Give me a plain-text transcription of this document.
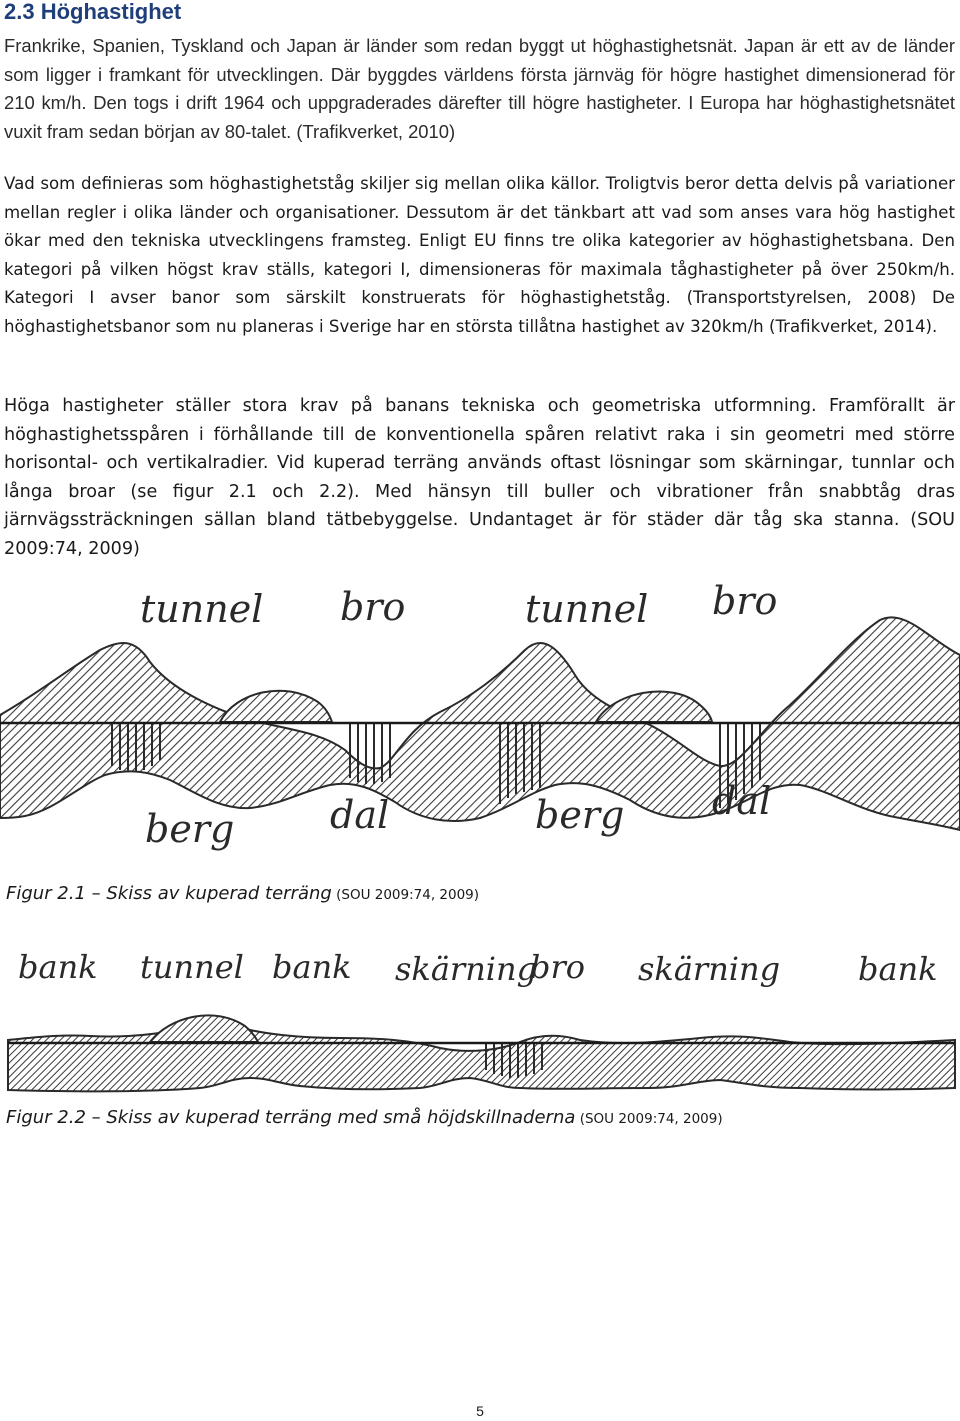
2.3 Höghastighet

Frankrike, Spanien, Tyskland och Japan är länder som redan byggt ut höghastighetsnät. Japan är ett av de länder som ligger i framkant för utvecklingen. Där byggdes världens första järnväg för högre hastighet dimensionerad för 210 km/h. Den togs i drift 1964 och uppgraderades därefter till högre hastigheter. I Europa har höghastighetsnätet vuxit fram sedan början av 80-talet. (Trafikverket, 2010)

Vad som definieras som höghastighetståg skiljer sig mellan olika källor. Troligtvis beror detta delvis på variationer mellan regler i olika länder och organisationer. Dessutom är det tänkbart att vad som anses vara hög hastighet ökar med den tekniska utvecklingens framsteg. Enligt EU finns tre olika kategorier av höghastighetsbana. Den kategori på vilken högst krav ställs, kategori I, dimensioneras för maximala tåghastigheter på över 250km/h. Kategori I avser banor som särskilt konstruerats för höghastighetståg. (Transportstyrelsen, 2008) De höghastighetsbanor som nu planeras i Sverige har en största tillåtna hastighet av 320km/h (Trafikverket, 2014).

Höga hastigheter ställer stora krav på banans tekniska och geometriska utformning. Framförallt är höghastighetsspåren i förhållande till de konventionella spåren relativt raka i sin geometri med större horisontal- och vertikalradier. Vid kuperad terräng används oftast lösningar som skärningar, tunnlar och långa broar (se figur 2.1 och 2.2). Med hänsyn till buller och vibrationer från snabbtåg dras järnvägssträckningen sällan bland tätbebyggelse. Undantaget är för städer där tåg ska stanna. (SOU 2009:74, 2009)

tunnel bro	tunnel bro
berg	dal	berg dal

Figur 2.1 – Skiss av kuperad terräng (SOU 2009:74, 2009)

bank tunnel bank skärning
bro skärning bank

Figur 2.2 – Skiss av kuperad terräng med små höjdskillnaderna (SOU 2009:74, 2009)

5
